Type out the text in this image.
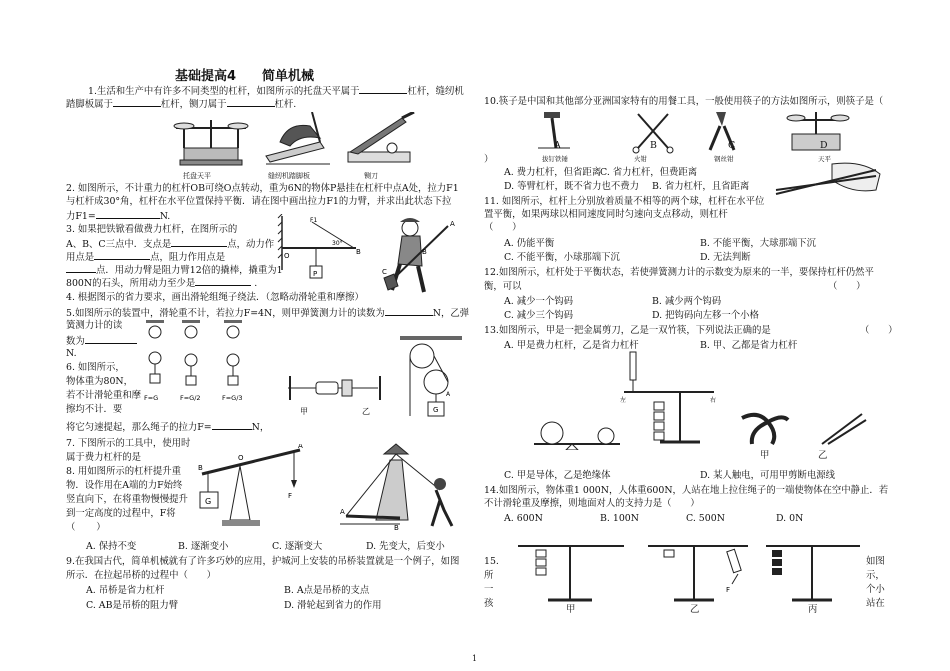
基础提高4　　简单机械
1.生活和生产中有许多不同类型的杠杆，如图所示的托盘天平属于	杠杆，缝纫机
踏脚板属于	杠杆，铡刀属于	杠杆.
托盘天平	缝纫机踏脚板	铡刀
2. 如图所示，不计重力的杠杆OB可绕O点转动，重为6N的物体P悬挂在杠杆中点A处，拉力F1
与杠杆成30°角，杠杆在水平位置保持平衡．请在图中画出拉力F1的力臂，并求出此状态下拉
力F1=	N.
3. 如果把铁锨看做费力杠杆，在图所示的
A、B、C三点中．支点是	点，动力作
用点是	点，阻力作用点是
点．用动力臂是阻力臂12倍的撬棒，撬重为1
800N的石头，所用动力至少是	.
P
O	B
F1
30°
A
B
C
4. 根据图示的省力要求，画出滑轮组绳子绕法．（忽略动滑轮重和摩擦）
5.如图所示的装置中，滑轮重不计，若拉力F=4N，则甲弹簧测力计的读数为	N，乙弹
簧测力计的读
数为
N.
F=G	F=G/2	F=G/3
甲	乙
6. 如图所示，
物体重为80N，
若不计滑轮重和摩
擦均不计．要
将它匀速提起，那么绳子的拉力F=	N，
G
A
7. 下图所示的工具中，使用时
属于费力杠杆的是
8. 用如图所示的杠杆提升重
物．设作用在A端的力F始终
竖直向下，在将重物慢慢提升
到一定高度的过程中，F将
（ ）
G
O
B
A
F
A
B
A. 保持不变	B. 逐渐变小	C. 逐渐变大	D. 先变大，后变小
9.在我国古代，简单机械就有了许多巧妙的应用，护城河上安装的吊桥装置就是一个例子，如图
所示．在拉起吊桥的过程中（　　）
A. 吊桥是省力杠杆	B. A点是吊桥的支点
C. AB是吊桥的阻力臂	D. 滑轮起到省力的作用
10.筷子是中国和其他部分亚洲国家特有的用餐工具，一般使用筷子的方法如图所示，则筷子是（
拔钉铁锤	火钳	钢丝钳	天平
A	B	C	D
）
A. 费力杠杆，但省距离
C. 省力杠杆，但费距离
D. 等臂杠杆，既不省力也不费力 B. 省力杠杆，且省距离
11. 如图所示，杠杆上分别放着质量不相等的两个球，杠杆在水平位
置平衡，如果两球以相同速度同时匀速向支点移动，则杠杆
（　　）
A. 仍能平衡	B. 不能平衡，大球那端下沉
C. 不能平衡，小球那端下沉	D. 无法判断
12.如图所示，杠杆处于平衡状态，若使弹簧测力计的示数变为原来的一半，要保持杠杆仍然平
衡，可以	（　　）
A. 减少一个钩码	B. 减少两个钩码
C. 减少三个钩码	D. 把钩码向左移一个小格
13.如图所示，甲是一把金属剪刀，乙是一双竹筷，下列说法正确的是	（　　）
A. 甲是费力杠杆，乙是省力杠杆	B. 甲、乙都是省力杠杆
左	右
甲	乙
C. 甲是导体，乙是绝缘体	D. 某人触电，可用甲剪断电源线
14.如图所示，物体重1 000N，人体重600N，人站在地上拉住绳子的一端使物体在空中静止．若
不计滑轮重及摩擦，则地面对人的支持力是（　　）
A. 600N	B. 100N	C. 500N	D. 0N
15.
所
一
孩
如图
示，
个小
站在
F
甲	乙	丙
1
